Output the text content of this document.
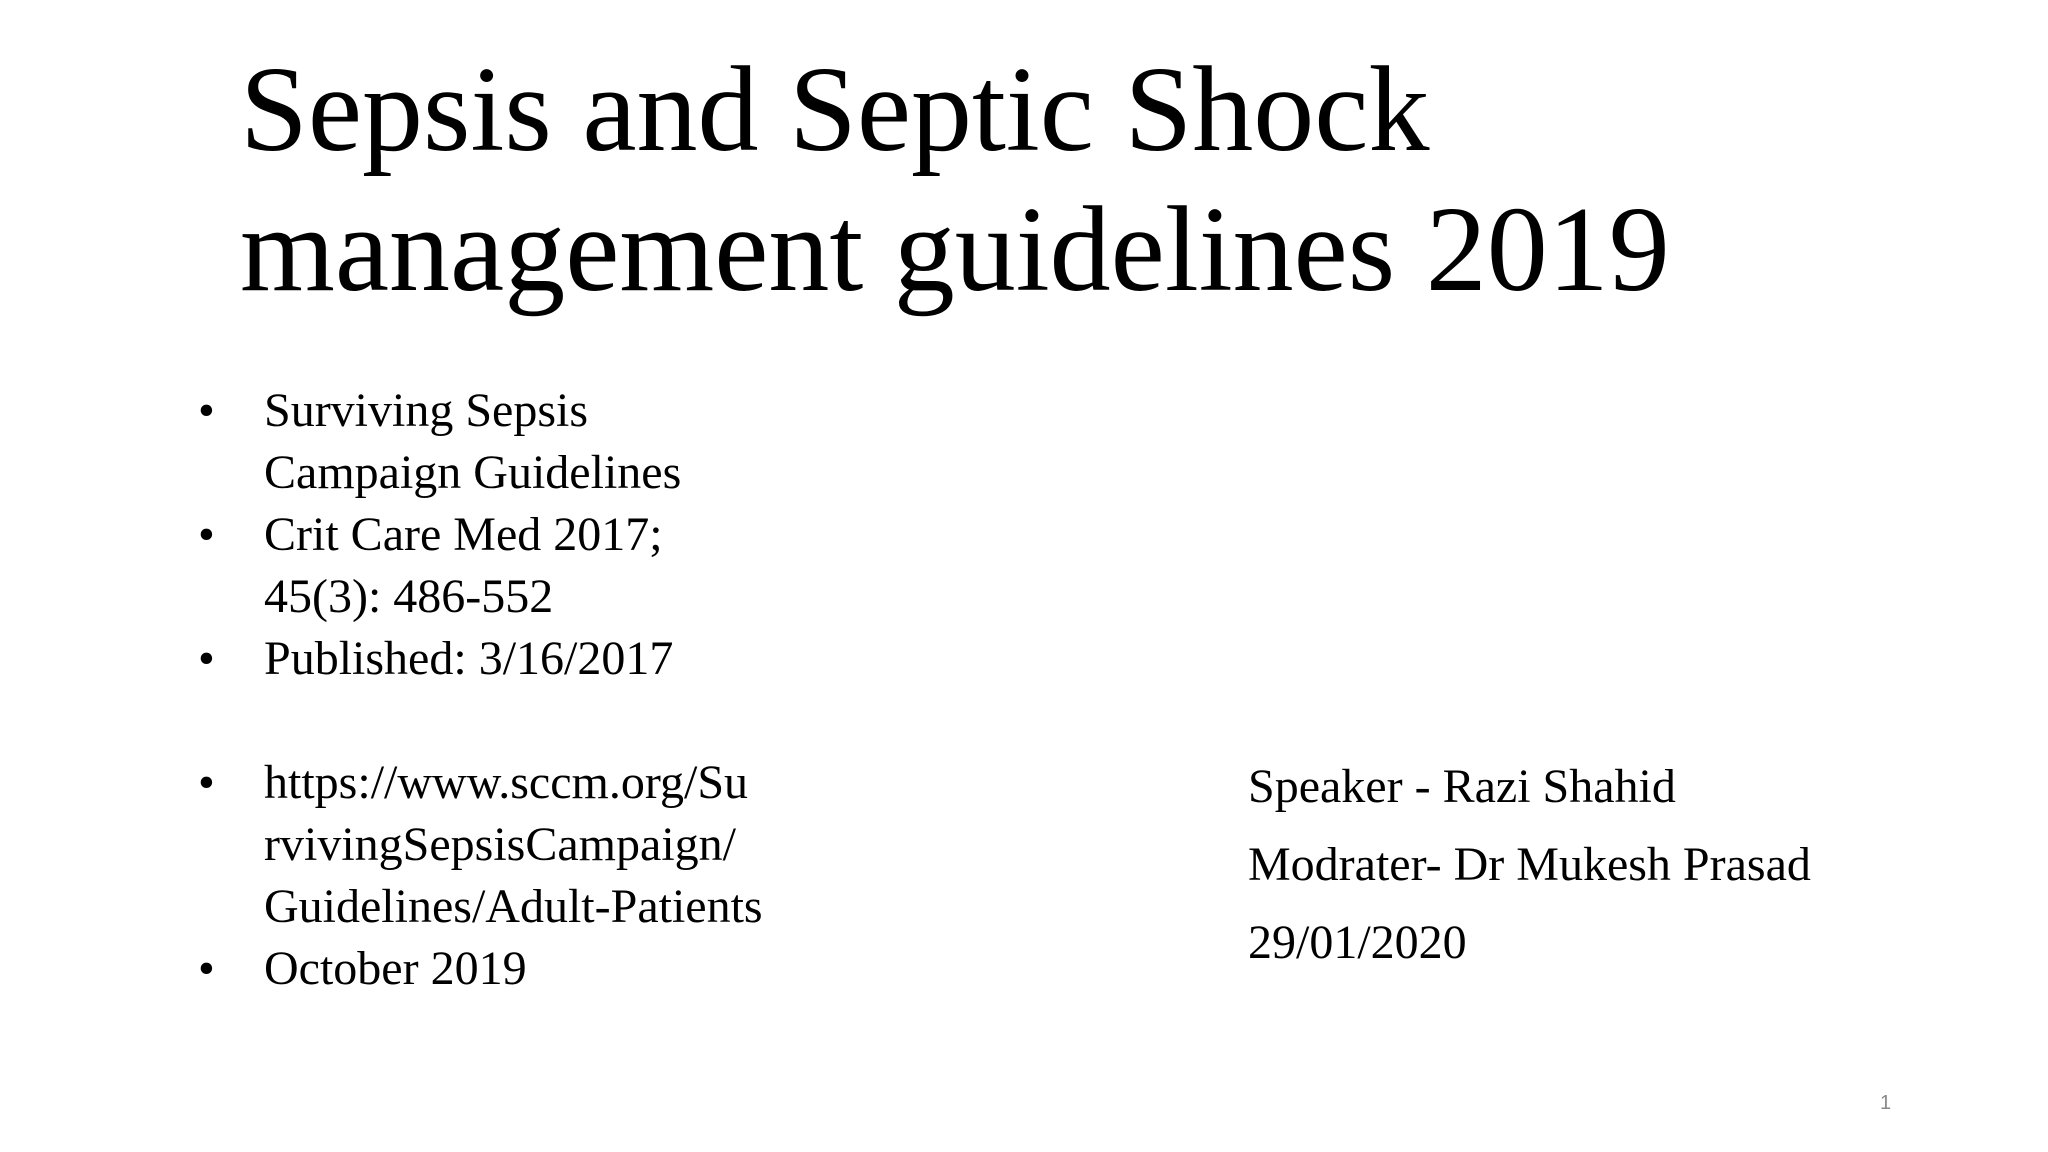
Sepsis and Septic Shock
management guidelines 2019
• Surviving Sepsis
Campaign Guidelines
• Crit Care Med 2017;
45(3): 486-552
• Published: 3/16/2017
• https://www.sccm.org/Su
rvivingSepsisCampaign/
Guidelines/Adult-Patients
• October 2019
Speaker - Razi Shahid
Modrater- Dr Mukesh Prasad
29/01/2020
1
